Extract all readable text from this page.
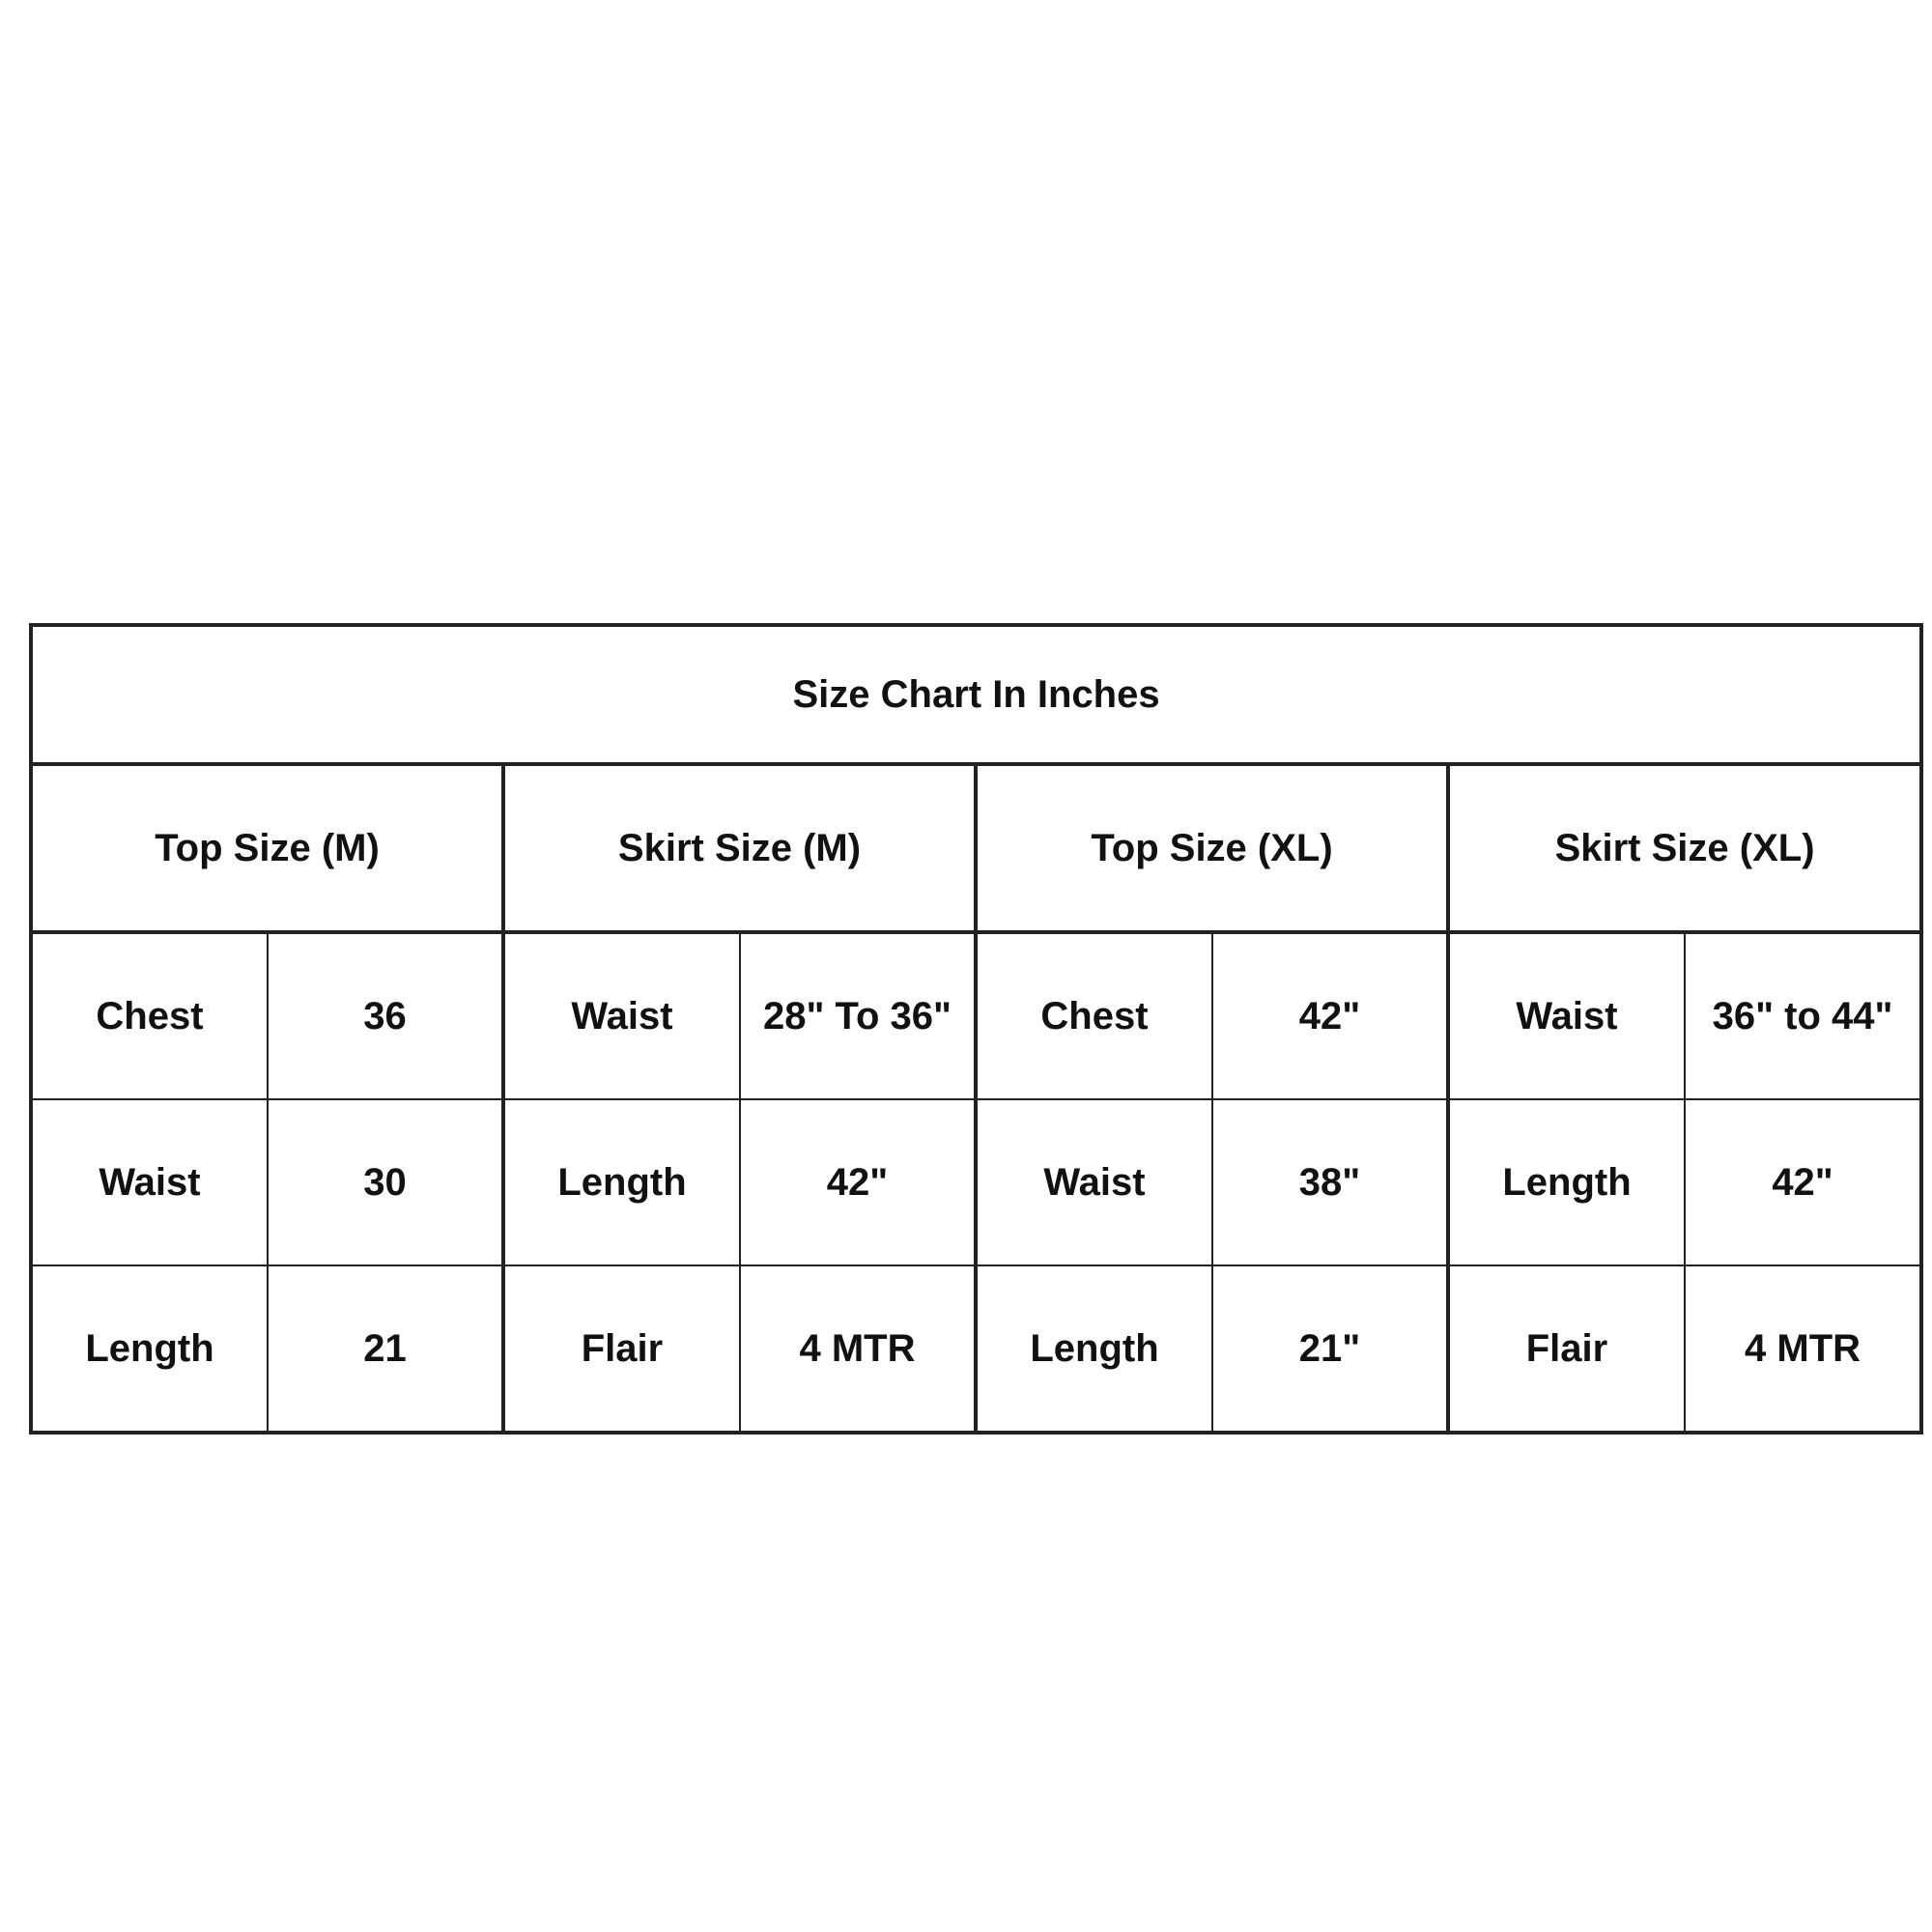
Size Chart In Inches							
Top Size (M)		Skirt Size (M)		Top Size (XL)		Skirt Size (XL)	
Chest	36	Waist	28" To 36"	Chest	42"	Waist	36" to 44"
Waist	30	Length	42"	Waist	38"	Length	42"
Length	21	Flair	4 MTR	Length	21"	Flair	4 MTR
